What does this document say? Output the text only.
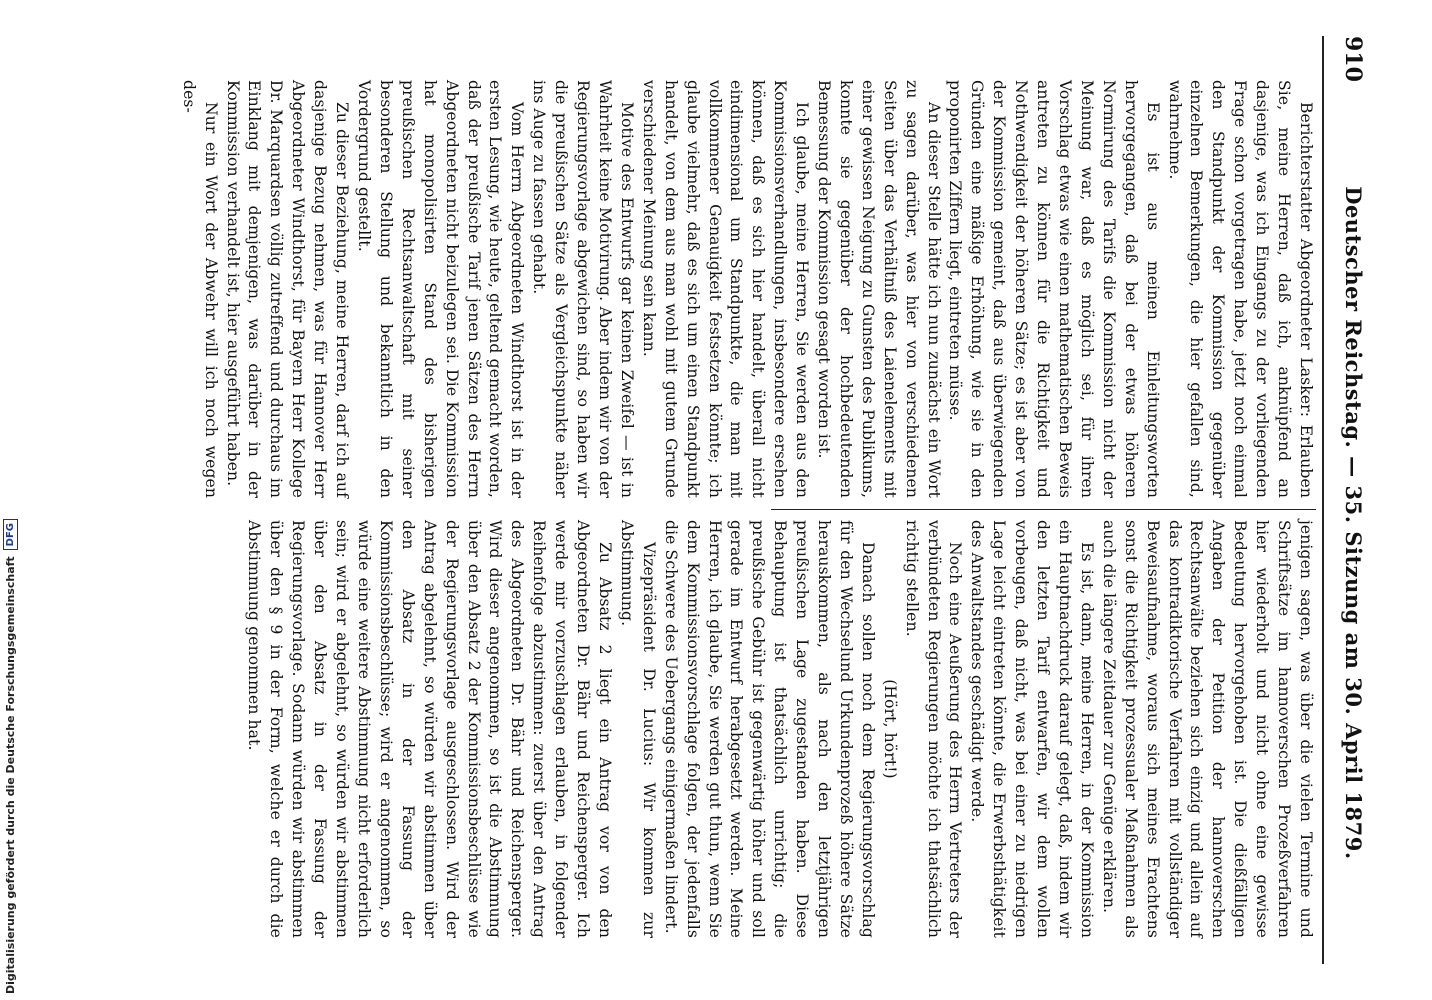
910
Deutscher Reichstag. — 35. Sitzung am 30. April 1879.

Berichterstatter Abgeordneter Lasker: Erlauben Sie, meine Herren, daß ich, anknüpfend an dasjenige, was ich Eingangs zu der vorliegenden Frage schon vorgetragen habe, jetzt noch einmal den Standpunkt der Kommission gegenüber einzelnen Bemerkungen, die hier gefallen sind, wahrnehme.

Es ist aus meinen Einleitungsworten hervorgegangen, daß bei der etwas höheren Normirung des Tarifs die Kommission nicht der Meinung war, daß es möglich sei, für ihren Vorschlag etwas wie einen mathematischen Beweis antreten zu können für die Richtigkeit und Nothwendigkeit der höheren Sätze; es ist aber von der Kommission gemeint, daß aus überwiegenden Gründen eine mäßige Erhöhung, wie sie in den proponirten Ziffern liegt, eintreten müsse.

An dieser Stelle hätte ich nun zunächst ein Wort zu sagen darüber, was hier von verschiedenen Seiten über das Verhältniß des Laienelements mit einer gewissen Neigung zu Gunsten des Publikums, konnte sie gegenüber der hochbedeutenden Bemessung der Kommission gesagt worden ist.

Ich glaube, meine Herren, Sie werden aus den Kommissionsverhandlungen, insbesondere ersehen können, daß es sich hier handelt, überall nicht eindimensional um Standpunkte, die man mit vollkommener Genauigkeit festsetzen könnte; ich glaube vielmehr, daß es sich um einen Standpunkt handelt, von dem aus man wohl mit gutem Grunde verschiedener Meinung sein kann.

Motive des Entwurfs gar keinen Zweifel — ist in Wahrheit keine Motivirung. Aber indem wir von der Regierungsvorlage abgewichen sind, so haben wir die preußischen Sätze als Vergleichspunkte näher ins Auge zu fassen gehabt.

Vom Herrn Abgeordneten Windthorst ist in der ersten Lesung, wie heute, geltend gemacht worden, daß der preußische Tarif jenen Sätzen des Herrn Abgeordneten nicht beizulegen sei. Die Kommission hat monopolisirten Stand des bisherigen preußischen Rechtsanwaltschaft mit seiner besonderen Stellung und bekanntlich in den Vordergrund gestellt.

Zu dieser Beziehung, meine Herren, darf ich auf dasjenige Bezug nehmen, was für Hannover Herr Abgeordneter Windthorst, für Bayern Herr Kollege Dr. Marquardsen völlig zutreffend und durchaus im Einklang mit demjenigen, was darüber in der Kommission verhandelt ist, hier ausgeführt haben.

Nur ein Wort der Abwehr will ich noch wegen des-

jenigen sagen, was über die vielen Termine und Schriftsätze im hannoverschen Prozeßverfahren hier wiederholt und nicht ohne eine gewisse Bedeutung hervorgehoben ist. Die dießfälligen Angaben der Petition der hannoverschen Rechtsanwälte beziehen sich einzig und allein auf das kontradiktorische Verfahren mit vollständiger Beweisaufnahme, woraus sich meines Erachtens sonst die Richtigkeit prozessualer Maßnahmen als auch die längere Zeitdauer zur Genüge erklären.

Es ist, dann, meine Herren, in der Kommission ein Hauptnachdruck darauf gelegt, daß, indem wir den letzten Tarif entwarfen, wir dem wollen vorbeugen, daß nicht, was bei einer zu niedrigen Lage leicht eintreten könnte, die Erwerbsthätigkeit des Anwaltstandes geschädigt werde.

Noch eine Aeußerung des Herrn Vertreters der verbündeten Regierungen möchte ich thatsächlich richtig stellen.

(Hört, hört!)

Danach sollen noch dem Regierungsvorschlag für den Wechselund Urkundenprozeß höhere Sätze herauskommen, als nach den letztjährigen preußischen Lage zugestanden haben. Diese Behauptung ist thatsächlich unrichtig; die preußische Gebühr ist gegenwärtig höher und soll gerade im Entwurf herabgesetzt werden. Meine Herren, ich glaube, Sie werden gut thun, wenn Sie dem Kommissionsvorschlage folgen, der jedenfalls die Schwere des Uebergangs einigermaßen lindert.

Vizepräsident Dr. Lucius: Wir kommen zur Abstimmung.

Zu Absatz 2 liegt ein Antrag vor von den Abgeordneten Dr. Bähr und Reichensperger. Ich werde mir vorzuschlagen erlauben, in folgender Reihenfolge abzustimmen: zuerst über den Antrag des Abgeordneten Dr. Bähr und Reichensperger. Wird dieser angenommen, so ist die Abstimmung über den Absatz 2 der Kommissionsbeschlüsse wie der Regierungsvorlage ausgeschlossen. Wird der Antrag abgelehnt, so würden wir abstimmen über den Absatz in der Fassung der Kommissionsbeschlüsse; wird er angenommen, so würde eine weitere Abstimmung nicht erforderlich sein; wird er abgelehnt, so würden wir abstimmen über den Absatz in der Fassung der Regierungsvorlage. Sodann würden wir abstimmen über den § 9 in der Form, welche er durch die Abstimmung genommen hat.

Digitalisierung gefördert durch die Deutsche Forschungsgemeinschaft
DFG
